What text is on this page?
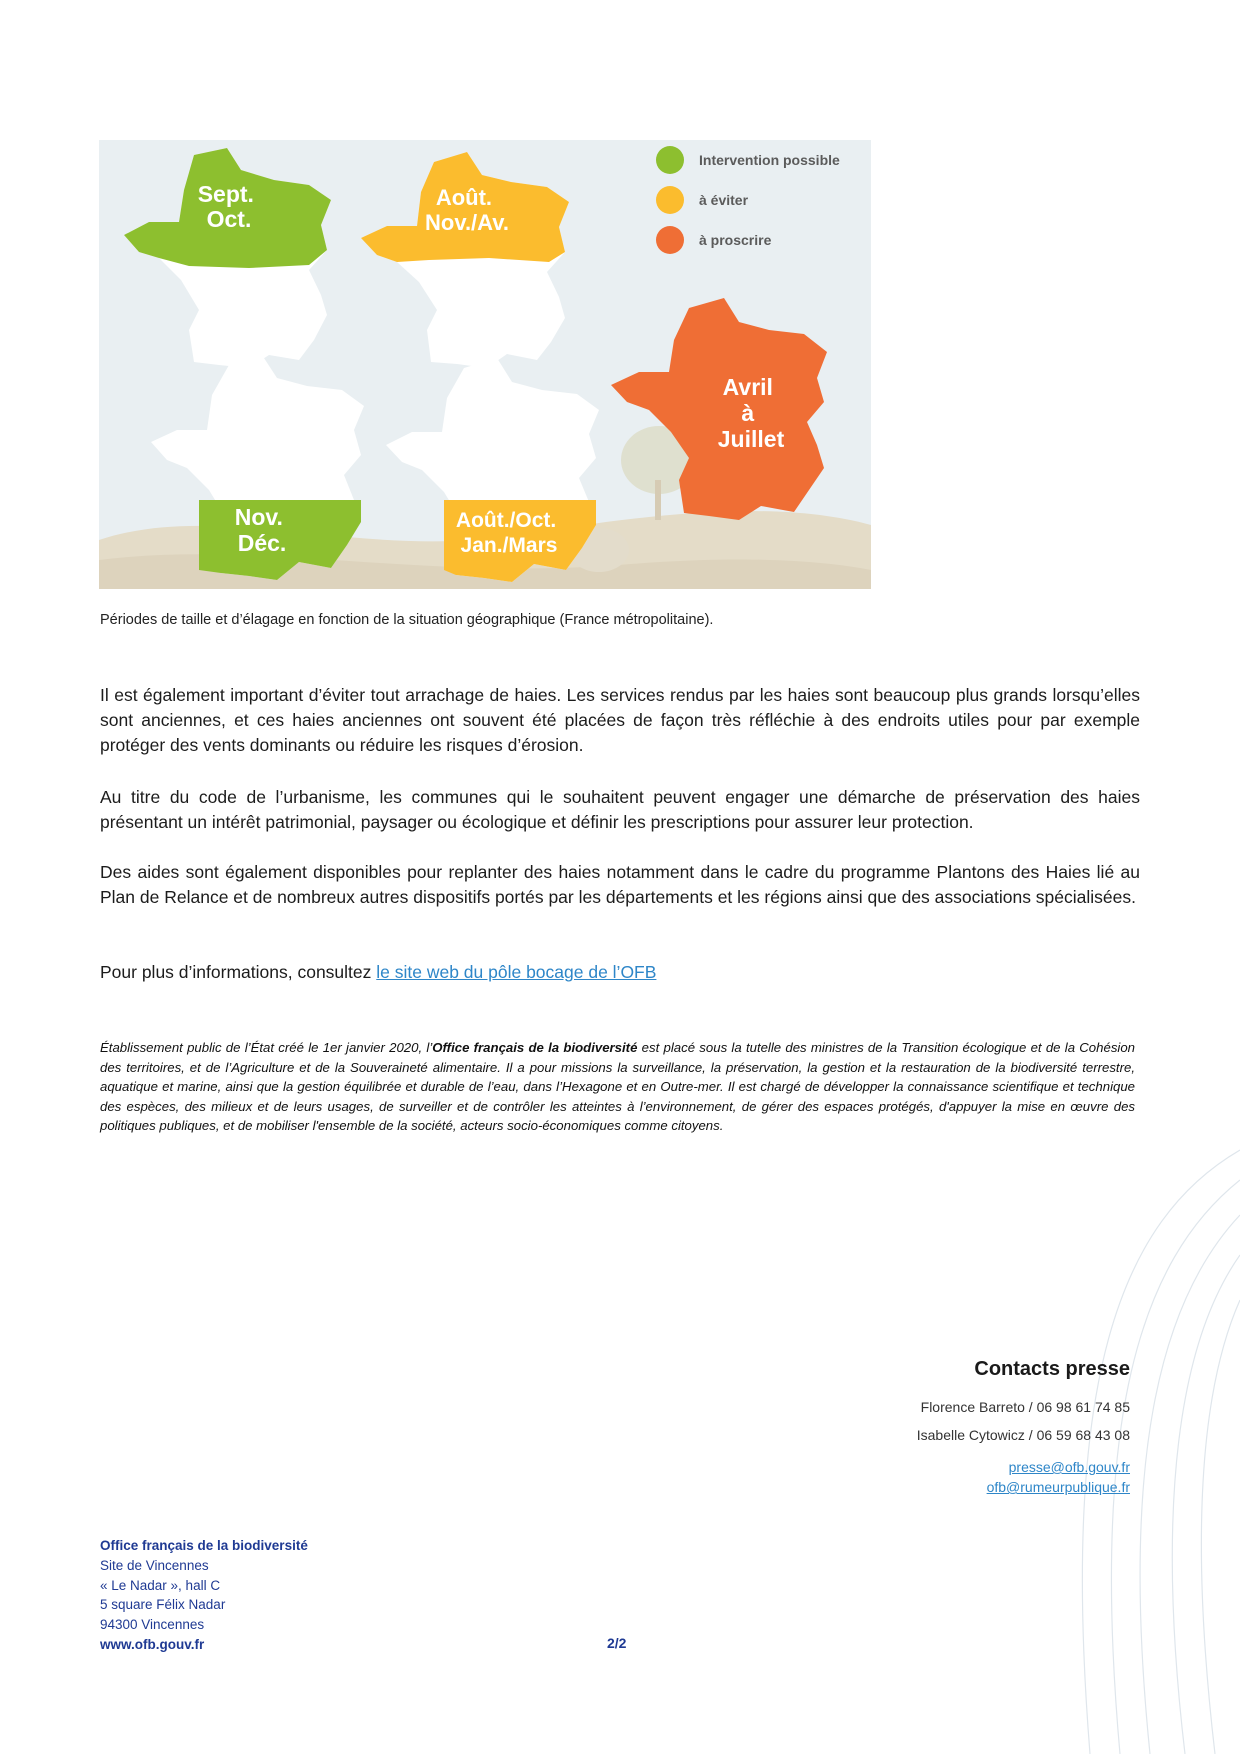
Sept. Oct.
Août. Nov./Av.
Avril à Juillet
Nov. Déc.
Août./Oct. Jan./Mars
Intervention possible
à éviter
à proscrire
Périodes de taille et d’élagage en fonction de la situation géographique (France métropolitaine).

Il est également important d’éviter tout arrachage de haies. Les services rendus par les haies sont beaucoup plus grands lorsqu’elles sont anciennes, et ces haies anciennes ont souvent été placées de façon très réfléchie à des endroits utiles pour par exemple protéger des vents dominants ou réduire les risques d’érosion.

Au titre du code de l’urbanisme, les communes qui le souhaitent peuvent engager une démarche de préservation des haies présentant un intérêt patrimonial, paysager ou écologique et définir les prescriptions pour assurer leur protection.

Des aides sont également disponibles pour replanter des haies notamment dans le cadre du programme Plantons des Haies lié au Plan de Relance et de nombreux autres dispositifs portés par les départements et les régions ainsi que des associations spécialisées.

Pour plus d’informations, consultez le site web du pôle bocage de l’OFB

Établissement public de l’État créé le 1er janvier 2020, l’Office français de la biodiversité est placé sous la tutelle des ministres de la Transition écologique et de la Cohésion des territoires, et de l’Agriculture et de la Souveraineté alimentaire. Il a pour missions la surveillance, la préservation, la gestion et la restauration de la biodiversité terrestre, aquatique et marine, ainsi que la gestion équilibrée et durable de l’eau, dans l’Hexagone et en Outre-mer. Il est chargé de développer la connaissance scientifique et technique des espèces, des milieux et de leurs usages, de surveiller et de contrôler les atteintes à l’environnement, de gérer des espaces protégés, d'appuyer la mise en œuvre des politiques publiques, et de mobiliser l'ensemble de la société, acteurs socio-économiques comme citoyens.
Contacts presse
Florence Barreto / 06 98 61 74 85
Isabelle Cytowicz / 06 59 68 43 08
presse@ofb.gouv.fr
ofb@rumeurpublique.fr
Office français de la biodiversité
Site de Vincennes
« Le Nadar », hall C
5 square Félix Nadar
94300 Vincennes
www.ofb.gouv.fr	2/2
